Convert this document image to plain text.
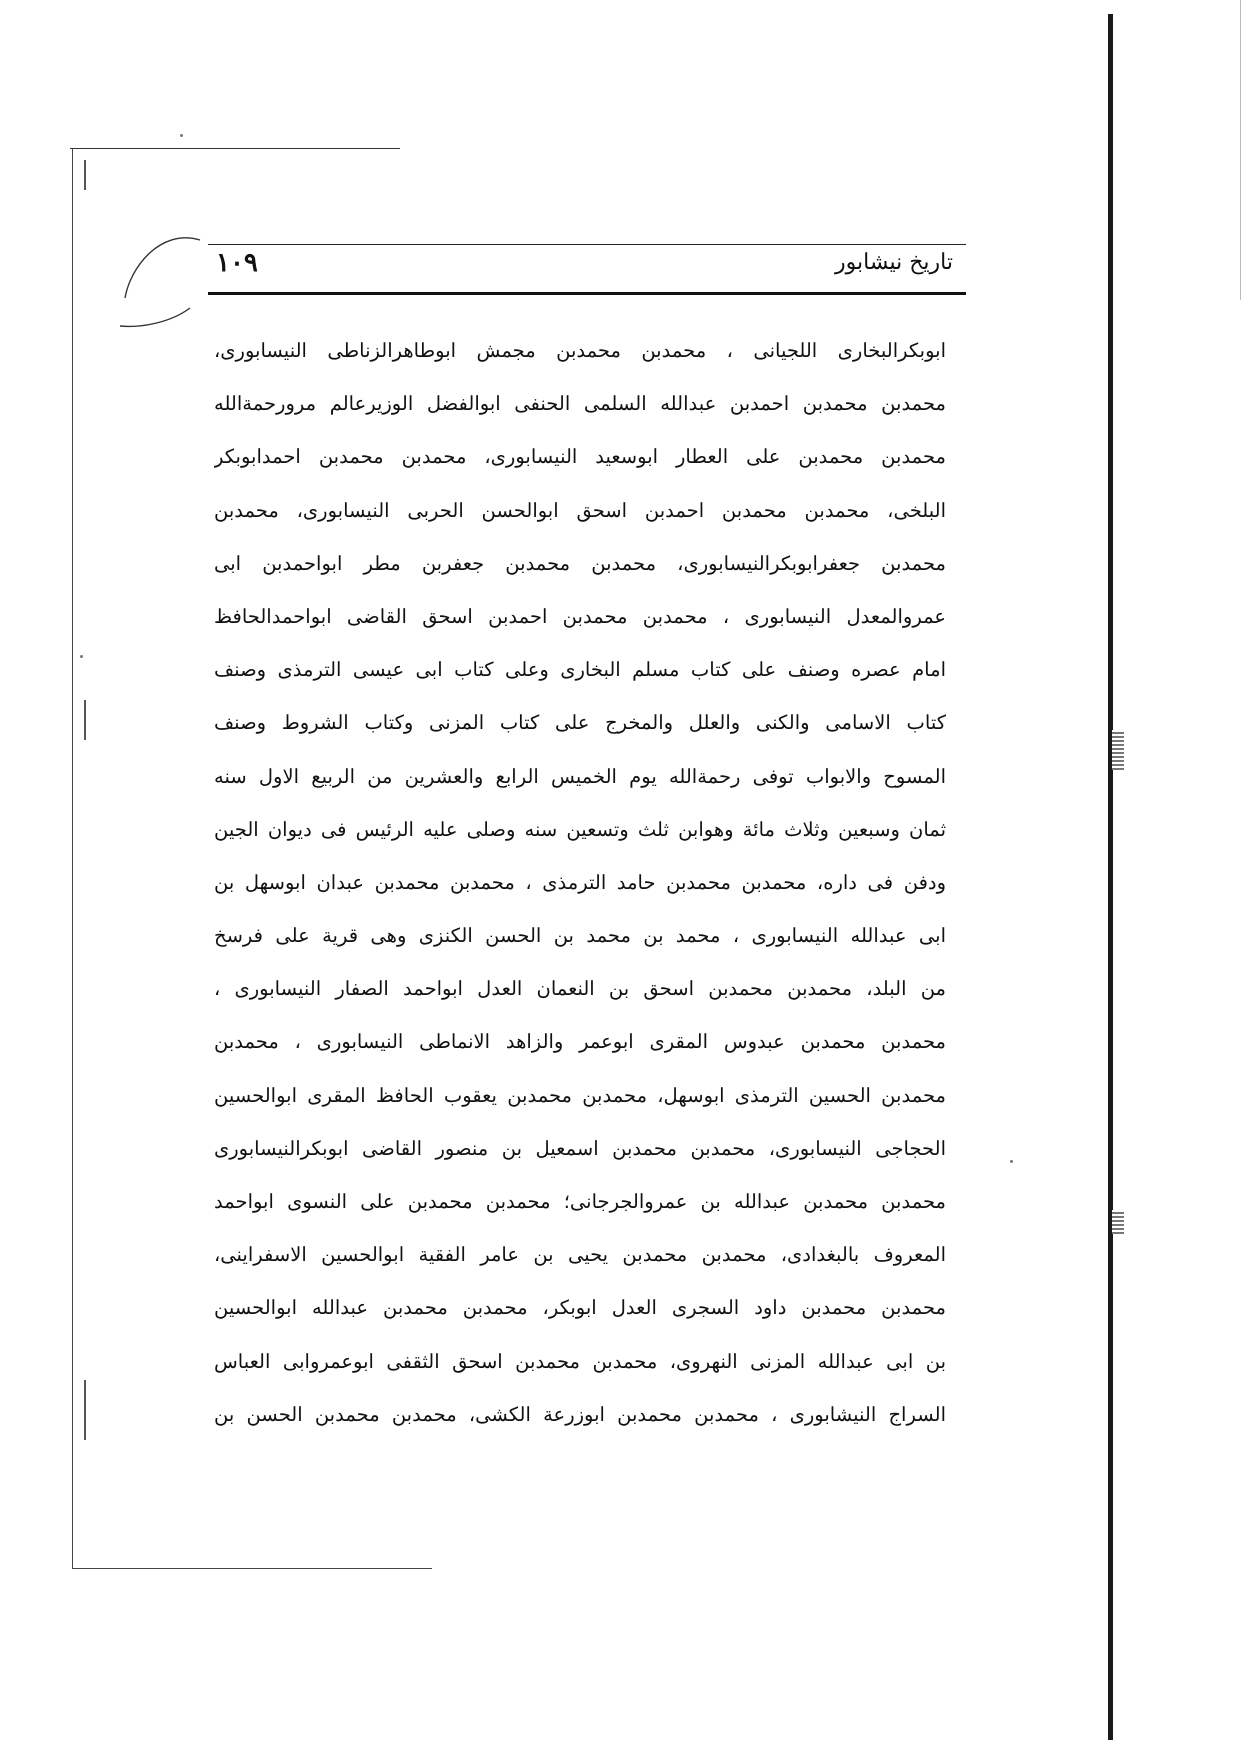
تاريخ نيشابور
۱۰۹
ابوبكرالبخارى اللجيانى ، محمدبن محمدبن مجمش ابوطاهرالزناطى النيسابورى،
محمدبن محمدبن احمدبن عبدالله السلمى الحنفى ابوالفضل الوزيرعالم مرورحمةالله
محمدبن محمدبن على العطار ابوسعيد النيسابورى، محمدبن محمدبن احمدابوبكر
البلخى، محمدبن محمدبن احمدبن اسحق ابوالحسن الحربى النيسابورى، محمدبن
محمدبن جعفرابوبكرالنيسابورى، محمدبن محمدبن جعفربن مطر ابواحمدبن ابى
عمروالمعدل النيسابورى ، محمدبن محمدبن احمدبن اسحق القاضى ابواحمدالحافظ
امام عصره وصنف على كتاب مسلم البخارى وعلى كتاب ابى عيسى الترمذى وصنف
كتاب الاسامى والكنى والعلل والمخرج على كتاب المزنى وكتاب الشروط وصنف
المسوح والابواب توفى رحمةالله يوم الخميس الرابع والعشرين من الربيع الاول سنه
ثمان وسبعين وثلاث مائة وهوابن ثلث وتسعين سنه وصلى عليه الرئيس فى ديوان الجين
ودفن فى داره، محمدبن محمدبن حامد الترمذى ، محمدبن محمدبن عبدان ابوسهل بن
ابى عبدالله النيسابورى ، محمد بن محمد بن الحسن الكنزى وهى قرية على فرسخ
من البلد، محمدبن محمدبن اسحق بن النعمان العدل ابواحمد الصفار النيسابورى ،
محمدبن محمدبن عبدوس المقرى ابوعمر والزاهد الانماطى النيسابورى ، محمدبن
محمدبن الحسين الترمذى ابوسهل، محمدبن محمدبن يعقوب الحافظ المقرى ابوالحسين
الحجاجى النيسابورى، محمدبن محمدبن اسمعيل بن منصور القاضى ابوبكرالنيسابورى
محمدبن محمدبن عبدالله بن عمروالجرجانى؛ محمدبن محمدبن على النسوى ابواحمد
المعروف بالبغدادى، محمدبن محمدبن يحيى بن عامر الفقية ابوالحسين الاسفراينى،
محمدبن محمدبن داود السجرى العدل ابوبكر، محمدبن محمدبن عبدالله ابوالحسين
بن ابى عبدالله المزنى النهروى، محمدبن محمدبن اسحق الثقفى ابوعمروابى العباس
السراج النيشابورى ، محمدبن محمدبن ابوزرعة الكشى، محمدبن محمدبن الحسن بن
